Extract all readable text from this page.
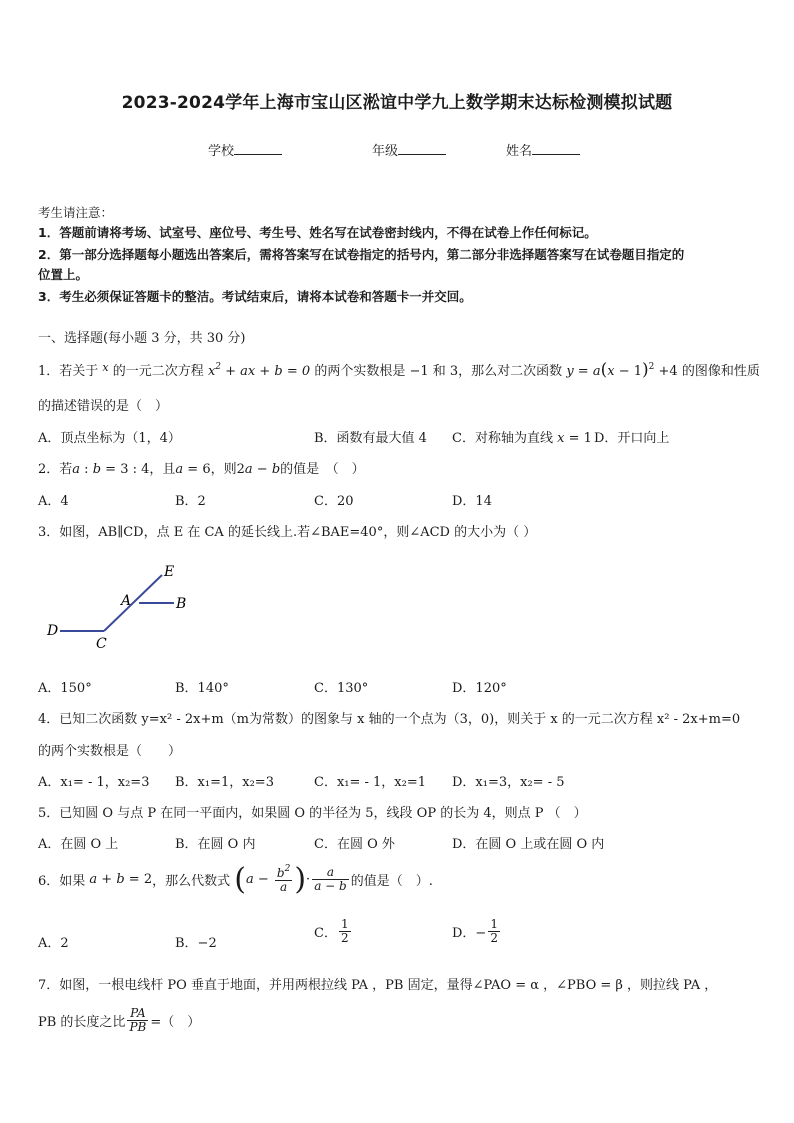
2023-2024学年上海市宝山区淞谊中学九上数学期末达标检测模拟试题
学校	年级	姓名
考生请注意：
1．答题前请将考场、试室号、座位号、考生号、姓名写在试卷密封线内，不得在试卷上作任何标记。
2．第一部分选择题每小题选出答案后，需将答案写在试卷指定的括号内，第二部分非选择题答案写在试卷题目指定的
位置上。
3．考生必须保证答题卡的整洁。考试结束后，请将本试卷和答题卡一并交回。
一、选择题(每小题 3 分，共 30 分)
1．若关于 $^x$ 的一元二次方程 $x^2$ + ax + b = 0 的两个实数根是 −1 和 3，那么对二次函数 $y = a(x - 1)^2 +4$ 的图像和性质
的描述错误的是（　）
A．顶点坐标为（1，4）	B．函数有最大值 4 C．对称轴为直线 x = 1 D．开口向上
2．若a : b = 3 : 4，且a = 6，则2a − b的值是　（　）
A．4	B．2	C．20	D．14
3．如图，AB∥CD，点 E 在 CA 的延长线上.若∠BAE=40°，则∠ACD 的大小为（ ）
E
A	B
D
C
A．150°	B．140°	C．130°	D．120°
4．已知二次函数 y=x² - 2x+m（m为常数）的图象与 x 轴的一个点为（3，0)，则关于 x 的一元二次方程 x² - 2x+m=0
的两个实数根是（　　）
A．x₁= - 1，x₂=3 B．x₁=1，x₂=3	C．x₁= - 1，x₂=1 D．x₁=3，x₂= - 5
5．已知圆 O 与点 P 在同一平面内，如果圆 O 的半径为 5，线段 OP 的长为 4，则点 P （　）
A．在圆 O 上	B．在圆 O 内	C．在圆 O 外	D．在圆 O 上或在圆 O 内
6．如果 a + b = 2，那么代数式 ($a - \frac{b^2}{a}$ )· $\frac{a}{a - b}$ 的值是（　）.
A．2	B．−2
C． $\frac{1}{2}$	D．− $\frac{1}{2}$
7．如图，一根电线杆 PO 垂直于地面，并用两根拉线 PA ，PB 固定，量得∠PAO = α ，∠PBO = β ，则拉线 PA ，
PB 的长度之比 $\frac{PA}{PB}$ =（　）
